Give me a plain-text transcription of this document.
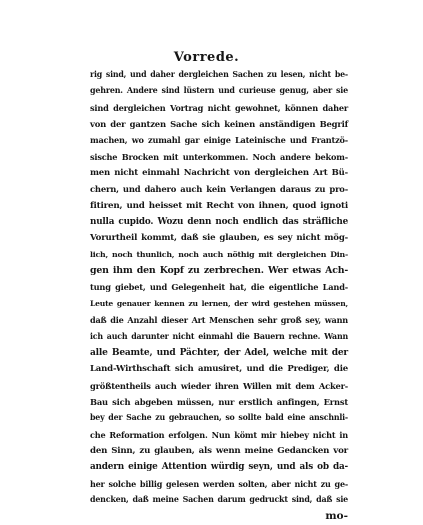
Vorrede.
rig sind, und daher dergleichen Sachen zu lesen, nicht be-
gehren. Andere sind lüstern und curieuse genug, aber sie
sind dergleichen Vortrag nicht gewohnet, können daher
von der gantzen Sache sich keinen anständigen Begrif
machen, wo zumahl gar einige Lateinische und Frantzö-
sische Brocken mit unterkommen. Noch andere bekom-
men nicht einmahl Nachricht von dergleichen Art Bü-
chern, und dahero auch kein Verlangen daraus zu pro-
fitiren, und heisset mit Recht von ihnen, quod ignoti
nulla cupido. Wozu denn noch endlich das sträfliche
Vorurtheil kommt, daß sie glauben, es sey nicht mög-
lich, noch thunlich, noch auch nöthig mit dergleichen Din-
gen ihm den Kopf zu zerbrechen. Wer etwas Ach-
tung giebet, und Gelegenheit hat, die eigentliche Land-
Leute genauer kennen zu lernen, der wird gestehen müssen,
daß die Anzahl dieser Art Menschen sehr groß sey, wann
ich auch darunter nicht einmahl die Bauern rechne. Wann
alle Beamte, und Pächter, der Adel, welche mit der
Land-Wirthschaft sich amusiret, und die Prediger, die
größtentheils auch wieder ihren Willen mit dem Acker-
Bau sich abgeben müssen, nur erstlich anfingen, Ernst
bey der Sache zu gebrauchen, so sollte bald eine anschnli-
che Reformation erfolgen. Nun kömt mir hiebey nicht in
den Sinn, zu glauben, als wenn meine Gedancken vor
andern einige Attention würdig seyn, und als ob da-
her solche billig gelesen werden solten, aber nicht zu ge-
dencken, daß meine Sachen darum gedruckt sind, daß sie
mo-
